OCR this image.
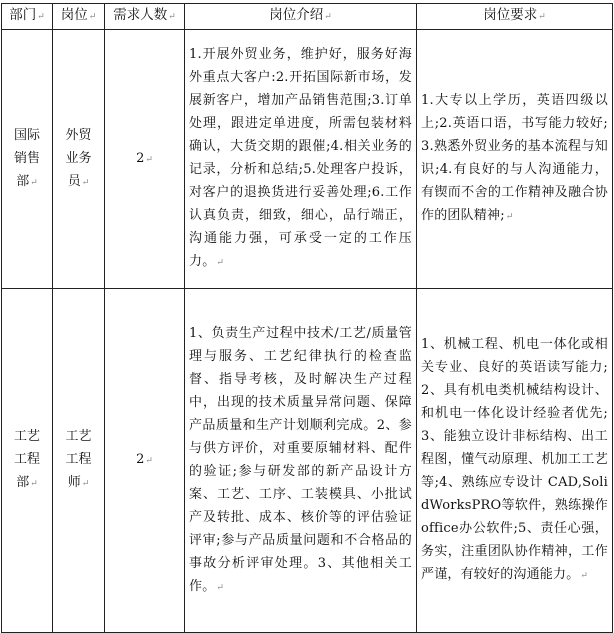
部门↵	岗位↵	需求人数↵	岗位介绍↵	岗位要求↵
国际销售部↵	外贸业务员↵	2↵	1.开展外贸业务，维护好，服务好海外重点大客户:2.开拓国际新市场，发展新客户，增加产品销售范围;3.订单处理，跟进定单进度，所需包装材料确认，大货交期的跟催;4.相关业务的记录，分析和总结;5.处理客户投诉，对客户的退换货进行妥善处理;6.工作认真负责，细致，细心，品行端正，沟通能力强，可承受一定的工作压力。↵	1.大专以上学历，英语四级以上;2.英语口语，书写能力较好;3.熟悉外贸业务的基本流程与知识;4.有良好的与人沟通能力，有锲而不舍的工作精神及融合协作的团队精神;↵
工艺工程部↵	工艺工程师↵	2↵	1、负责生产过程中技术/工艺/质量管理与服务、工艺纪律执行的检查监督、指导考核，及时解决生产过程中，出现的技术质量异常问题、保障产品质量和生产计划顺利完成。2、参与供方评价，对重要原辅材料、配件的验证;参与研发部的新产品设计方案、工艺、工序、工装模具、小批试产及转批、成本、核价等的评估验证评审;参与产品质量问题和不合格品的事故分析评审处理。3、其他相关工作。↵	1、机械工程、机电一体化或相关专业、良好的英语读写能力;2、具有机电类机械结构设计、和机电一体化设计经验者优先;3、能独立设计非标结构、出工程图，懂气动原理、机加工工艺等;4、熟练应专设计 CAD,SolidWorksPRO等软件，熟练操作office办公软件;5、责任心强，务实，注重团队协作精神，工作严谨，有较好的沟通能力。↵
